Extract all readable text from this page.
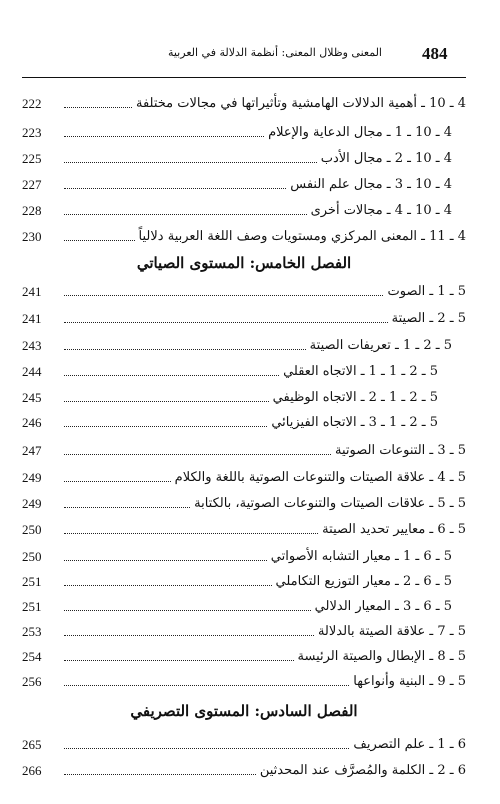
484
المعنى وظلال المعنى: أنظمة الدلالة في العربية
222	4 ـ 10 ـ أهمية الدلالات الهامشية وتأثيراتها في مجالات مختلفة
223	4 ـ 10 ـ 1 ـ مجال الدعاية والإعلام
225	4 ـ 10 ـ 2 ـ مجال الأدب
227	4 ـ 10 ـ 3 ـ مجال علم النفس
228	4 ـ 10 ـ 4 ـ مجالات أخرى
230	4 ـ 11 ـ المعنى المركزي ومستويات وصف اللغة العربية دلالياً
الفصل الخامس: المستوى الصياتي
241	5 ـ 1 ـ الصوت
241	5 ـ 2 ـ الصيتة
243	5 ـ 2 ـ 1 ـ تعريفات الصيتة
244	5 ـ 2 ـ 1 ـ 1 ـ الاتجاه العقلي
245	5 ـ 2 ـ 1 ـ 2 ـ الاتجاه الوظيفي
246	5 ـ 2 ـ 1 ـ 3 ـ الاتجاه الفيزيائي
247	5 ـ 3 ـ التنوعات الصوتية
249	5 ـ 4 ـ علاقة الصيتات والتنوعات الصوتية باللغة والكلام
249	5 ـ 5 ـ علاقات الصيتات والتنوعات الصوتية، بالكتابة
250	5 ـ 6 ـ معايير تحديد الصيتة
250	5 ـ 6 ـ 1 ـ معيار التشابه الأصواتي
251	5 ـ 6 ـ 2 ـ معيار التوزيع التكاملي
251	5 ـ 6 ـ 3 ـ المعيار الدلالي
253	5 ـ 7 ـ علاقة الصيتة بالدلالة
254	5 ـ 8 ـ الإبطال والصيتة الرئيسة
256	5 ـ 9 ـ البنية وأنواعها
الفصل السادس: المستوى التصريفي
265	6 ـ 1 ـ علم التصريف
266	6 ـ 2 ـ الكلمة والمُصرَّف عند المحدثين
